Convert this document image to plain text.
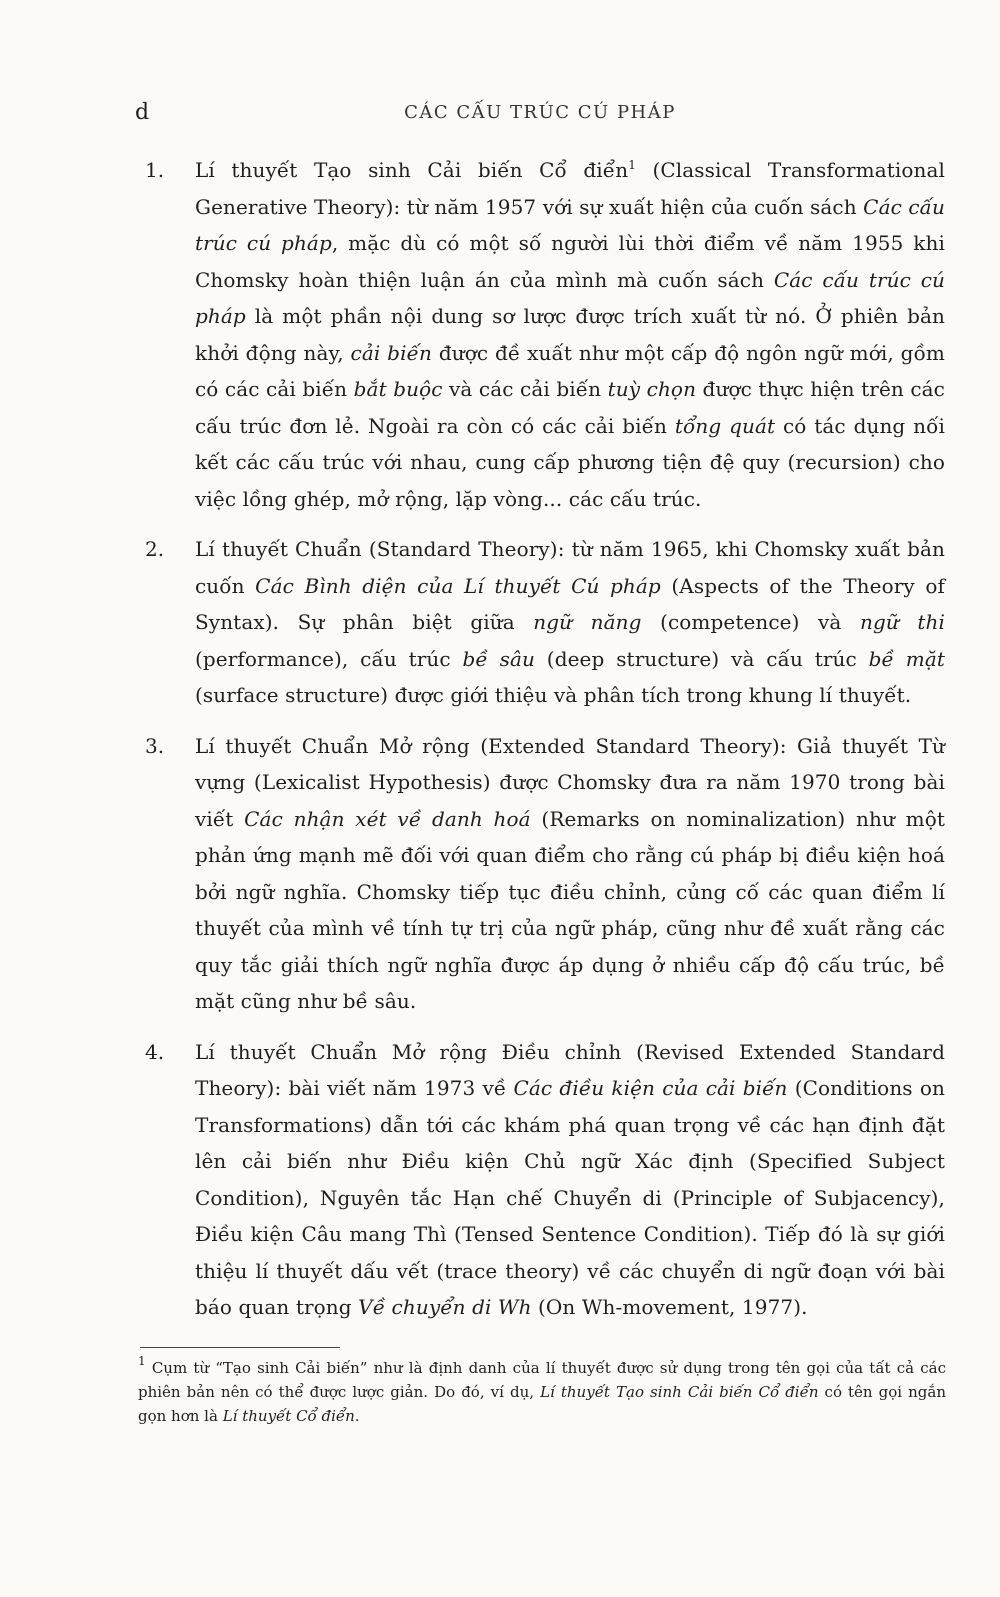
d	CÁC CẤU TRÚC CÚ PHÁP
1. Lí thuyết Tạo sinh Cải biến Cổ điển$^1$ (Classical Transformational Generative Theory): từ năm 1957 với sự xuất hiện của cuốn sách Các cấu trúc cú pháp, mặc dù có một số người lùi thời điểm về năm 1955 khi Chomsky hoàn thiện luận án của mình mà cuốn sách Các cấu trúc cú pháp là một phần nội dung sơ lược được trích xuất từ nó. Ở phiên bản khởi động này, cải biến được đề xuất như một cấp độ ngôn ngữ mới, gồm có các cải biến bắt buộc và các cải biến tuỳ chọn được thực hiện trên các cấu trúc đơn lẻ. Ngoài ra còn có các cải biến tổng quát có tác dụng nối kết các cấu trúc với nhau, cung cấp phương tiện đệ quy (recursion) cho việc lồng ghép, mở rộng, lặp vòng... các cấu trúc.
2. Lí thuyết Chuẩn (Standard Theory): từ năm 1965, khi Chomsky xuất bản cuốn Các Bình diện của Lí thuyết Cú pháp (Aspects of the Theory of Syntax). Sự phân biệt giữa ngữ năng (competence) và ngữ thi (performance), cấu trúc bề sâu (deep structure) và cấu trúc bề mặt (surface structure) được giới thiệu và phân tích trong khung lí thuyết.
3. Lí thuyết Chuẩn Mở rộng (Extended Standard Theory): Giả thuyết Từ vựng (Lexicalist Hypothesis) được Chomsky đưa ra năm 1970 trong bài viết Các nhận xét về danh hoá (Remarks on nominalization) như một phản ứng mạnh mẽ đối với quan điểm cho rằng cú pháp bị điều kiện hoá bởi ngữ nghĩa. Chomsky tiếp tục điều chỉnh, củng cố các quan điểm lí thuyết của mình về tính tự trị của ngữ pháp, cũng như đề xuất rằng các quy tắc giải thích ngữ nghĩa được áp dụng ở nhiều cấp độ cấu trúc, bề mặt cũng như bề sâu.
4. Lí thuyết Chuẩn Mở rộng Điều chỉnh (Revised Extended Standard Theory): bài viết năm 1973 về Các điều kiện của cải biến (Conditions on Transformations) dẫn tới các khám phá quan trọng về các hạn định đặt lên cải biến như Điều kiện Chủ ngữ Xác định (Specified Subject Condition), Nguyên tắc Hạn chế Chuyển di (Principle of Subjacency), Điều kiện Câu mang Thì (Tensed Sentence Condition). Tiếp đó là sự giới thiệu lí thuyết dấu vết (trace theory) về các chuyển di ngữ đoạn với bài báo quan trọng Về chuyển di Wh (On Wh-movement, 1977).
$^1$ Cụm từ “Tạo sinh Cải biến” như là định danh của lí thuyết được sử dụng trong tên gọi của tất cả các phiên bản nên có thể được lược giản. Do đó, ví dụ, Lí thuyết Tạo sinh Cải biến Cổ điển có tên gọi ngắn gọn hơn là Lí thuyết Cổ điển.
